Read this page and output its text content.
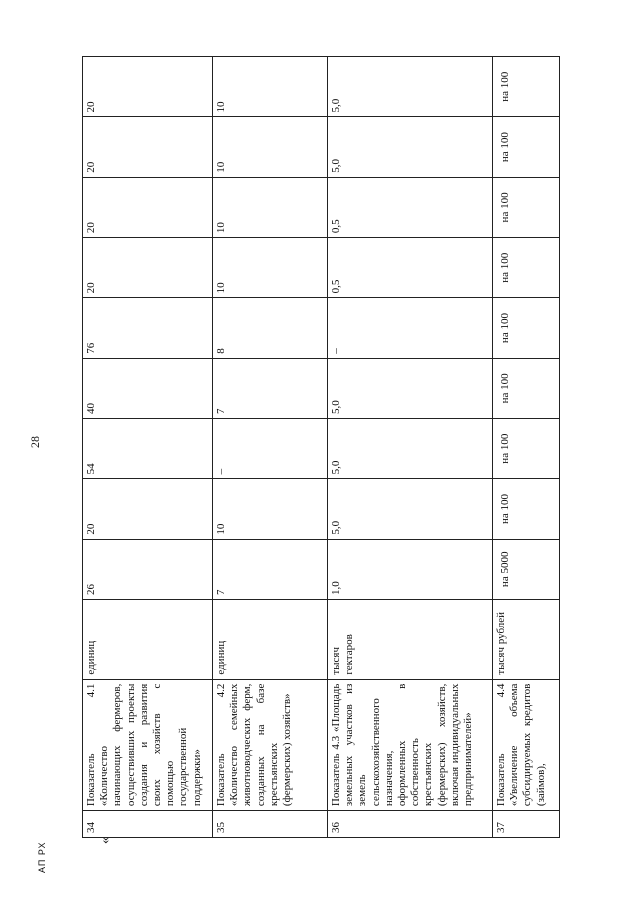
АП РХ
«
28
34	Показатель 4.1 «Количество начинающих фермеров, осуществивших проекты создания и развития своих хозяйств с помощью государственной поддержки»	единиц	26	20	54	40	76	20	20	20	20

35	Показатель 4.2 «Количество семейных животноводческих ферм, созданных на базе крестьянских (фермерских) хозяйств»	единиц	7	10	–	7	8	10	10	10	10

36	Показатель 4.3 «Площадь земельных участков из земель сельскохозяйственного назначения, оформленных в собственность крестьянских (фермерских) хозяйств, включая индивидуальных предпринимателей»	тысяч гектаров	1,0	5,0	5,0	5,0	–	0,5	0,5	5,0	5,0

37	Показатель 4.4 «Увеличение объема субсидируемых кредитов (займов),	тысяч рублей	на 5000	на 100	на 100	на 100	на 100	на 100	на 100	на 100	на 100
